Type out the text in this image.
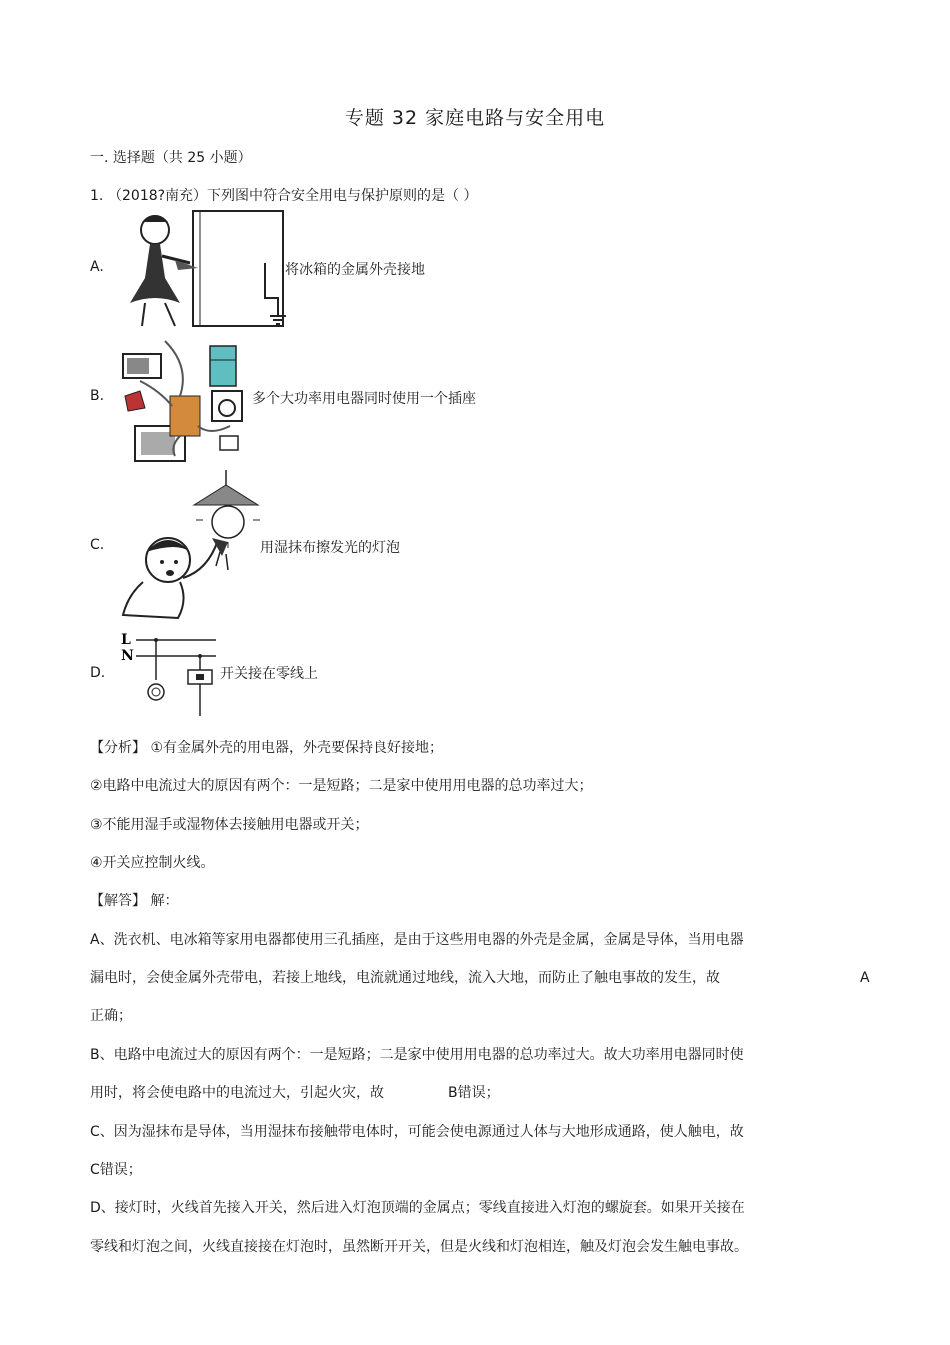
专题 32 家庭电路与安全用电
一. 选择题（共 25 小题）
1. （2018?南充）下列图中符合安全用电与保护原则的是（ ）
A.	将冰箱的金属外壳接地
B.	多个大功率用电器同时使用一个插座
C.	用湿抹布擦发光的灯泡
D.
L
N
开关接在零线上
【分析】 ①有金属外壳的用电器，外壳要保持良好接地；
②电路中电流过大的原因有两个：一是短路；二是家中使用用电器的总功率过大；
③不能用湿手或湿物体去接触用电器或开关；
④开关应控制火线。
【解答】 解：
A、洗衣机、电冰箱等家用电器都使用三孔插座，是由于这些用电器的外壳是金属，金属是导体，当用电器
漏电时，会使金属外壳带电，若接上地线，电流就通过地线，流入大地，而防止了触电事故的发生，故	A
正确；
B、电路中电流过大的原因有两个：一是短路；二是家中使用用电器的总功率过大。故大功率用电器同时使
用时，将会使电路中的电流过大，引起火灾，故	B错误；
C、因为湿抹布是导体，当用湿抹布接触带电体时，可能会使电源通过人体与大地形成通路，使人触电，故
C错误；
D、接灯时，火线首先接入开关，然后进入灯泡顶端的金属点；零线直接进入灯泡的螺旋套。如果开关接在
零线和灯泡之间，火线直接接在灯泡时，虽然断开开关，但是火线和灯泡相连，触及灯泡会发生触电事故。
